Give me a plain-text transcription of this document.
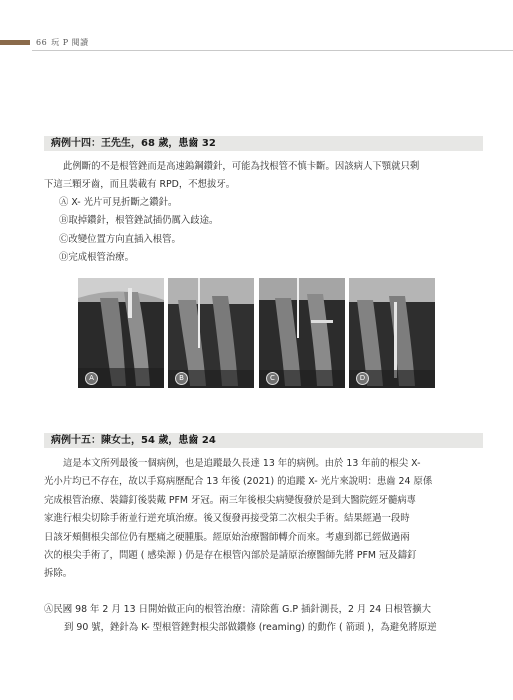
66 玩 P 閱讀
病例十四：王先生，68 歲，患齒 32

此例斷的不是根管銼而是高速鎢鋼鑽針，可能為找根管不慎卡斷。因該病人下顎就只剩

下這三顆牙齒，而且裝載有 RPD，不想拔牙。

Ⓐ X- 光片可見折斷之鑽針。
Ⓑ取掉鑽針，根管銼試插仍厲入歧途。
Ⓒ改變位置方向直插入根管。
Ⓓ完成根管治療。
A	B	C	D
病例十五：陳女士，54 歲，患齒 24

這是本文所列最後一個病例，也是追蹤最久長達 13 年的病例。由於 13 年前的根尖 X-

光小片均已不存在，故以手寫病歷配合 13 年後 (2021) 的追蹤 X- 光片來說明：患齒 24 原係

完成根管治療、裝鑄釘後裝戴 PFM 牙冠。兩三年後根尖病變復發於是到大醫院經牙髓病專

家進行根尖切除手術並行逆充填治療。後又復發再接受第二次根尖手術。結果經過一段時

日該牙頰側根尖部位仍有壓痛之硬腫脹。經原始治療醫師轉介而來。考慮到都已經做過兩

次的根尖手術了，問題 ( 感染源 ) 仍是存在根管內部於是請原治療醫師先將 PFM 冠及鑄釘

拆除。

Ⓐ民國 98 年 2 月 13 日開始做正向的根管治療：清除舊 G.P 插針測長，2 月 24 日根管擴大
到 90 號，銼針為 K- 型根管銼對根尖部做鑽修 (reaming) 的動作 ( 箭頭 )，為避免將原逆
